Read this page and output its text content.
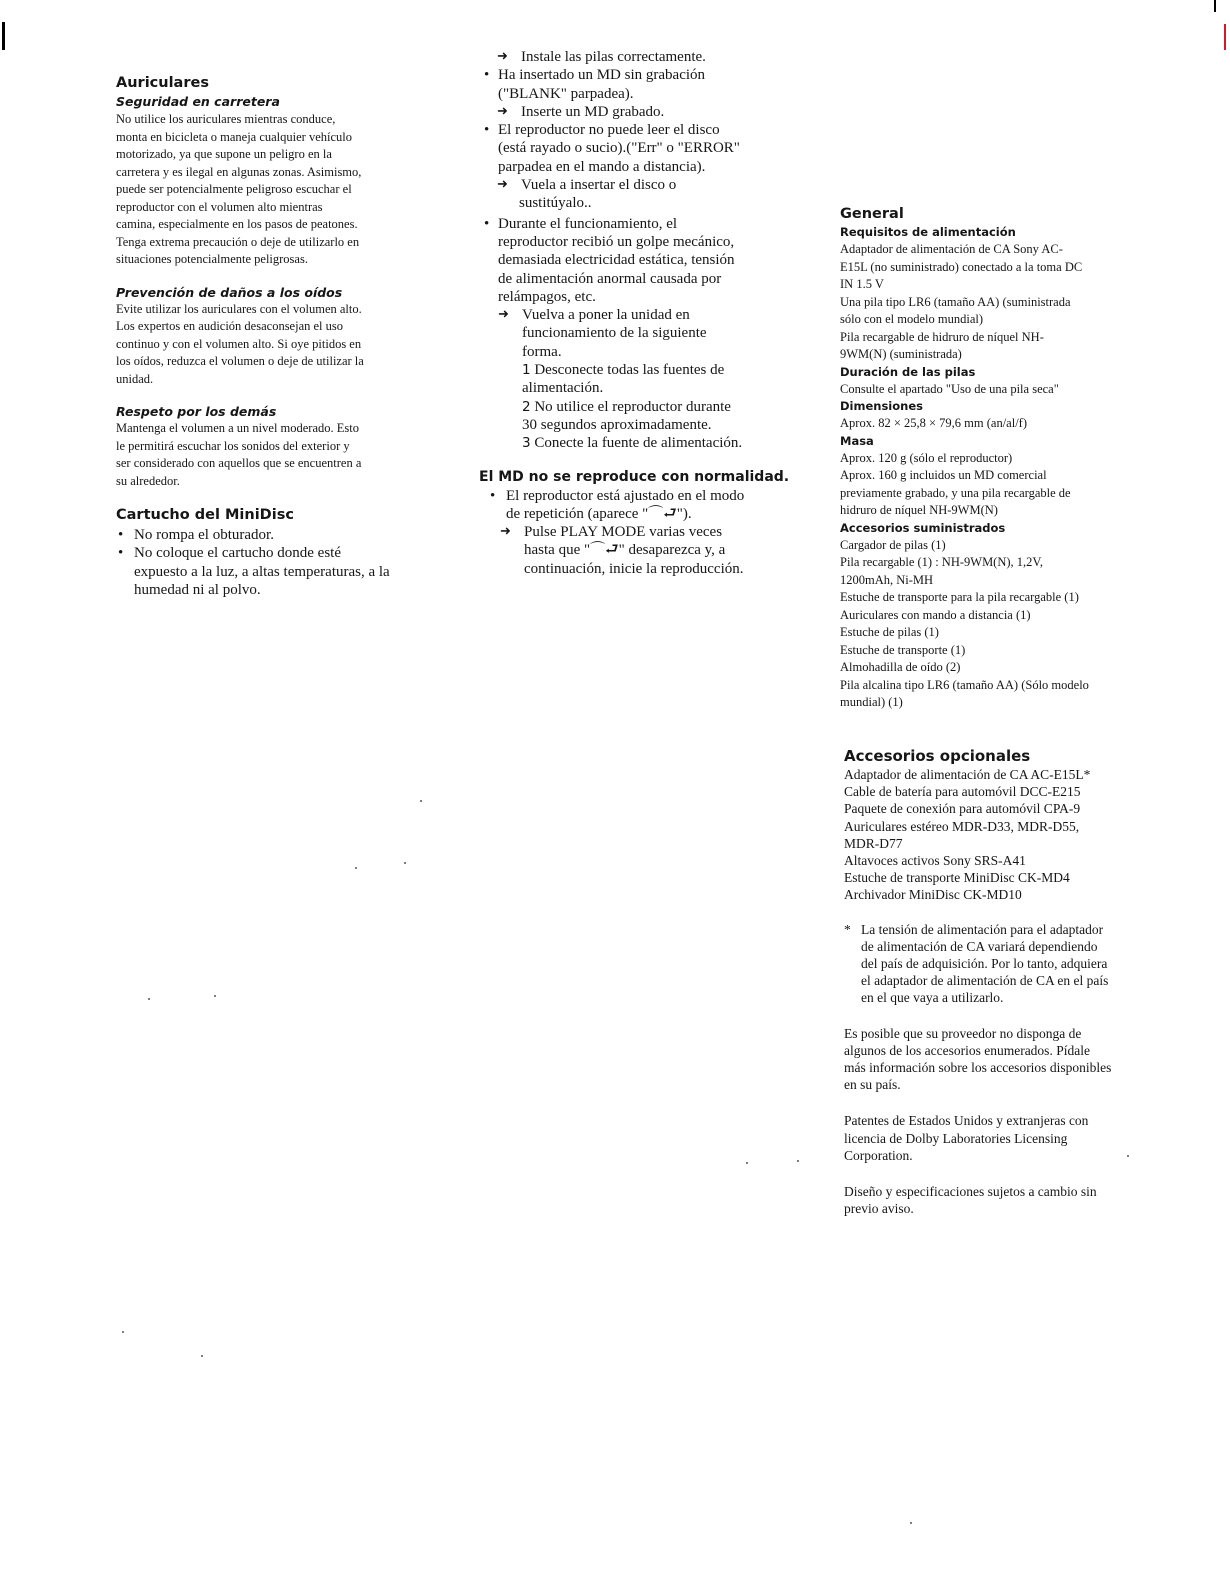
Auriculares
Seguridad en carretera
No utilice los auriculares mientras conduce,
monta en bicicleta o maneja cualquier vehículo
motorizado, ya que supone un peligro en la
carretera y es ilegal en algunas zonas. Asimismo,
puede ser potencialmente peligroso escuchar el
reproductor con el volumen alto mientras
camina, especialmente en los pasos de peatones.
Tenga extrema precaución o deje de utilizarlo en
situaciones potencialmente peligrosas.
Prevención de daños a los oídos
Evite utilizar los auriculares con el volumen alto.
Los expertos en audición desaconsejan el uso
continuo y con el volumen alto. Si oye pitidos en
los oídos, reduzca el volumen o deje de utilizar la
unidad.
Respeto por los demás
Mantenga el volumen a un nivel moderado. Esto
le permitirá escuchar los sonidos del exterior y
ser considerado con aquellos que se encuentren a
su alrededor.
Cartucho del MiniDisc
• No rompa el obturador.
• No coloque el cartucho donde esté
expuesto a la luz, a altas temperaturas, a la
humedad ni al polvo.
➜ Instale las pilas correctamente.
• Ha insertado un MD sin grabación
("BLANK" parpadea).
➜ Inserte un MD grabado.
• El reproductor no puede leer el disco
(está rayado o sucio).("Err" o "ERROR"
parpadea en el mando a distancia).
➜ Vuela a insertar el disco o
sustitúyalo..
• Durante el funcionamiento, el
reproductor recibió un golpe mecánico,
demasiada electricidad estática, tensión
de alimentación anormal causada por
relámpagos, etc.
➜ Vuelva a poner la unidad en
funcionamiento de la siguiente
forma.
1 Desconecte todas las fuentes de
alimentación.
2 No utilice el reproductor durante
30 segundos aproximadamente.
3 Conecte la fuente de alimentación.
El MD no se reproduce con normalidad.
• El reproductor está ajustado en el modo
de repetición (aparece "⌒⮐").
➜ Pulse PLAY MODE varias veces
hasta que "⌒⮐" desaparezca y, a
continuación, inicie la reproducción.
General
Requisitos de alimentación
Adaptador de alimentación de CA Sony AC-
E15L (no suministrado) conectado a la toma DC
IN 1.5 V
Una pila tipo LR6 (tamaño AA) (suministrada
sólo con el modelo mundial)
Pila recargable de hidruro de níquel NH-
9WM(N) (suministrada)
Duración de las pilas
Consulte el apartado "Uso de una pila seca"
Dimensiones
Aprox. 82 × 25,8 × 79,6 mm (an/al/f)
Masa
Aprox. 120 g (sólo el reproductor)
Aprox. 160 g incluidos un MD comercial
previamente grabado, y una pila recargable de
hidruro de níquel NH-9WM(N)
Accesorios suministrados
Cargador de pilas (1)
Pila recargable (1) : NH-9WM(N), 1,2V,
1200mAh, Ni-MH
Estuche de transporte para la pila recargable (1)
Auriculares con mando a distancia (1)
Estuche de pilas (1)
Estuche de transporte (1)
Almohadilla de oído (2)
Pila alcalina tipo LR6 (tamaño AA) (Sólo modelo
mundial) (1)
Accesorios opcionales
Adaptador de alimentación de CA AC-E15L*
Cable de batería para automóvil DCC-E215
Paquete de conexión para automóvil CPA-9
Auriculares estéreo MDR-D33, MDR-D55,
MDR-D77
Altavoces activos Sony SRS-A41
Estuche de transporte MiniDisc CK-MD4
Archivador MiniDisc CK-MD10
* La tensión de alimentación para el adaptador
de alimentación de CA variará dependiendo
del país de adquisición. Por lo tanto, adquiera
el adaptador de alimentación de CA en el país
en el que vaya a utilizarlo.
Es posible que su proveedor no disponga de
algunos de los accesorios enumerados. Pídale
más información sobre los accesorios disponibles
en su país.
Patentes de Estados Unidos y extranjeras con
licencia de Dolby Laboratories Licensing
Corporation.
Diseño y especificaciones sujetos a cambio sin
previo aviso.
